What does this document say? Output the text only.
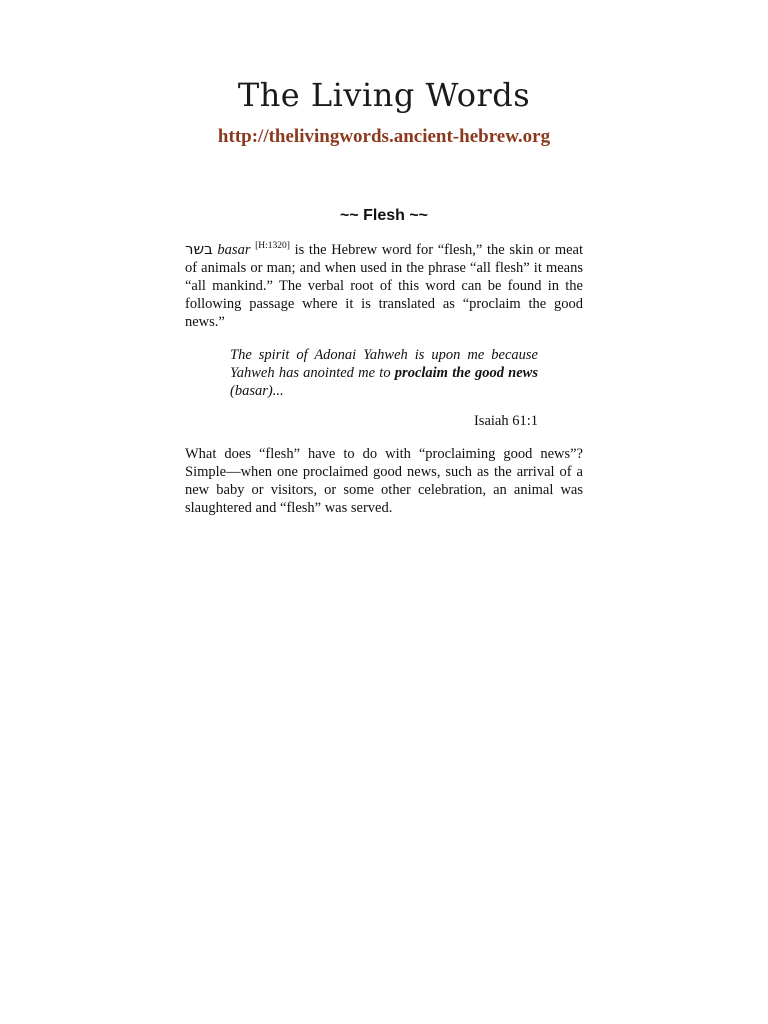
The Living Words
http://thelivingwords.ancient-hebrew.org
~~ Flesh ~~

בשר basar [H:1320] is the Hebrew word for “flesh,” the skin or meat of animals or man; and when used in the phrase “all flesh” it means “all mankind.” The verbal root of this word can be found in the following passage where it is translated as “proclaim the good news.”

The spirit of Adonai Yahweh is upon me because Yahweh has anointed me to proclaim the good news (basar)...

Isaiah 61:1

What does “flesh” have to do with “proclaiming good news”? Simple—when one proclaimed good news, such as the arrival of a new baby or visitors, or some other celebration, an animal was slaughtered and “flesh” was served.
